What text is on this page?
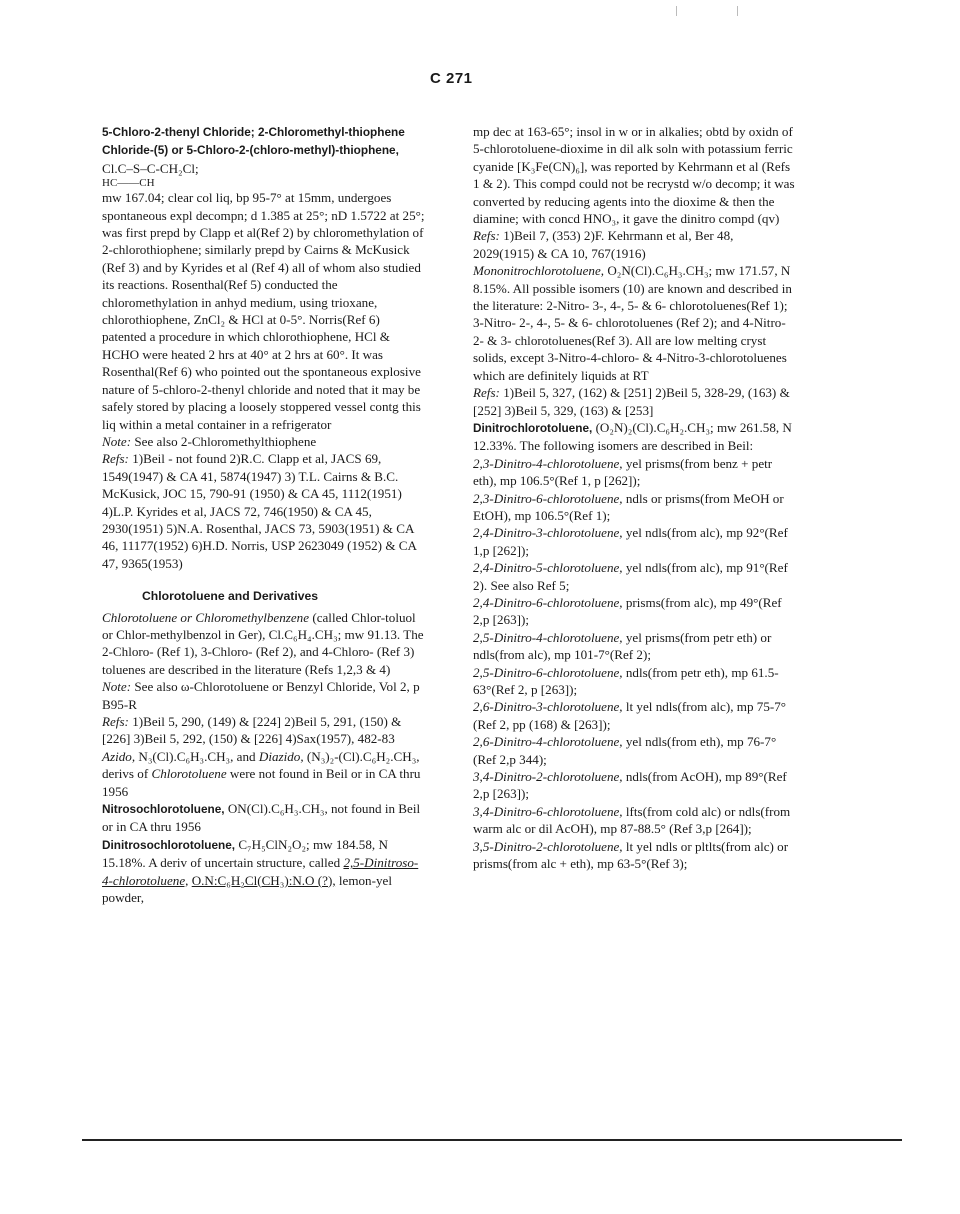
C 271

5-Chloro-2-thenyl Chloride; 2-Chloromethyl-thiophene Chloride-(5) or 5-Chloro-2-(chloro-methyl)-thiophene, Cl.C–S–C-CH₂Cl;

HC——CH

mw 167.04; clear col liq, bp 95-7° at 15mm, undergoes spontaneous expl decompn; d 1.385 at 25°; nD 1.5722 at 25°; was first prepd by Clapp et al(Ref 2) by chloromethylation of 2-chlorothiophene; similarly prepd by Cairns & McKusick (Ref 3) and by Kyrides et al (Ref 4) all of whom also studied its reactions. Rosenthal(Ref 5) conducted the chloromethylation in anhyd medium, using trioxane, chlorothiophene, ZnCl₂ & HCl at 0-5°. Norris(Ref 6) patented a procedure in which chlorothiophene, HCl & HCHO were heated 2 hrs at 40° at 2 hrs at 60°. It was Rosenthal(Ref 6) who pointed out the spontaneous explosive nature of 5-chloro-2-thenyl chloride and noted that it may be safely stored by placing a loosely stoppered vessel contg this liq within a metal container in a refrigerator

Note: See also 2-Chloromethylthiophene

Refs: 1)Beil - not found 2)R.C. Clapp et al, JACS 69, 1549(1947) & CA 41, 5874(1947) 3) T.L. Cairns & B.C. McKusick, JOC 15, 790-91 (1950) & CA 45, 1112(1951) 4)L.P. Kyrides et al, JACS 72, 746(1950) & CA 45, 2930(1951) 5)N.A. Rosenthal, JACS 73, 5903(1951) & CA 46, 11177(1952) 6)H.D. Norris, USP 2623049 (1952) & CA 47, 9365(1953)

Chlorotoluene and Derivatives

Chlorotoluene or Chloromethylbenzene (called Chlor-toluol or Chlor-methylbenzol in Ger), Cl.C₆H₄.CH₃; mw 91.13. The 2-Chloro- (Ref 1), 3-Chloro- (Ref 2), and 4-Chloro- (Ref 3) toluenes are described in the literature (Refs 1,2,3 & 4)

Note: See also ω-Chlorotoluene or Benzyl Chloride, Vol 2, p B95-R

Refs: 1)Beil 5, 290, (149) & [224] 2)Beil 5, 291, (150) & [226] 3)Beil 5, 292, (150) & [226] 4)Sax(1957), 482-83

Azido, N₃(Cl).C₆H₃.CH₃, and Diazido, (N₃)₂-(Cl).C₆H₂.CH₃, derivs of Chlorotoluene were not found in Beil or in CA thru 1956

Nitrosochlorotoluene, ON(Cl).C₆H₃.CH₃, not found in Beil or in CA thru 1956

Dinitrosochlorotoluene, C₇H₅ClN₂O₂; mw 184.58, N 15.18%. A deriv of uncertain structure, called 2,5-Dinitroso-4-chlorotoluene, O.N:C₆H₂Cl(CH₃):N.O (?), lemon-yel powder,

mp dec at 163-65°; insol in w or in alkalies; obtd by oxidn of 5-chlorotoluene-dioxime in dil alk soln with potassium ferric cyanide [K₃Fe(CN)₆], was reported by Kehrmann et al (Refs 1 & 2). This compd could not be recrystd w/o decomp; it was converted by reducing agents into the dioxime & then the diamine; with concd HNO₃, it gave the dinitro compd (qv)

Refs: 1)Beil 7, (353) 2)F. Kehrmann et al, Ber 48, 2029(1915) & CA 10, 767(1916)

Mononitrochlorotoluene, O₂N(Cl).C₆H₃.CH₃; mw 171.57, N 8.15%. All possible isomers (10) are known and described in the literature: 2-Nitro- 3-, 4-, 5- & 6- chlorotoluenes(Ref 1); 3-Nitro- 2-, 4-, 5- & 6- chlorotoluenes (Ref 2); and 4-Nitro- 2- & 3- chlorotoluenes(Ref 3). All are low melting cryst solids, except 3-Nitro-4-chloro- & 4-Nitro-3-chlorotoluenes which are definitely liquids at RT

Refs: 1)Beil 5, 327, (162) & [251] 2)Beil 5, 328-29, (163) & [252] 3)Beil 5, 329, (163) & [253]

Dinitrochlorotoluene, (O₂N)₂(Cl).C₆H₂.CH₃; mw 261.58, N 12.33%. The following isomers are described in Beil:

2,3-Dinitro-4-chlorotoluene, yel prisms(from benz + petr eth), mp 106.5°(Ref 1, p [262]);

2,3-Dinitro-6-chlorotoluene, ndls or prisms(from MeOH or EtOH), mp 106.5°(Ref 1);

2,4-Dinitro-3-chlorotoluene, yel ndls(from alc), mp 92°(Ref 1,p [262]);

2,4-Dinitro-5-chlorotoluene, yel ndls(from alc), mp 91°(Ref 2). See also Ref 5;

2,4-Dinitro-6-chlorotoluene, prisms(from alc), mp 49°(Ref 2,p [263]);

2,5-Dinitro-4-chlorotoluene, yel prisms(from petr eth) or ndls(from alc), mp 101-7°(Ref 2);

2,5-Dinitro-6-chlorotoluene, ndls(from petr eth), mp 61.5-63°(Ref 2, p [263]);

2,6-Dinitro-3-chlorotoluene, lt yel ndls(from alc), mp 75-7° (Ref 2, pp (168) & [263]);

2,6-Dinitro-4-chlorotoluene, yel ndls(from eth), mp 76-7°(Ref 2,p 344);

3,4-Dinitro-2-chlorotoluene, ndls(from AcOH), mp 89°(Ref 2,p [263]);

3,4-Dinitro-6-chlorotoluene, lfts(from cold alc) or ndls(from warm alc or dil AcOH), mp 87-88.5° (Ref 3,p [264]);

3,5-Dinitro-2-chlorotoluene, lt yel ndls or pltlts(from alc) or prisms(from alc + eth), mp 63-5°(Ref 3);
